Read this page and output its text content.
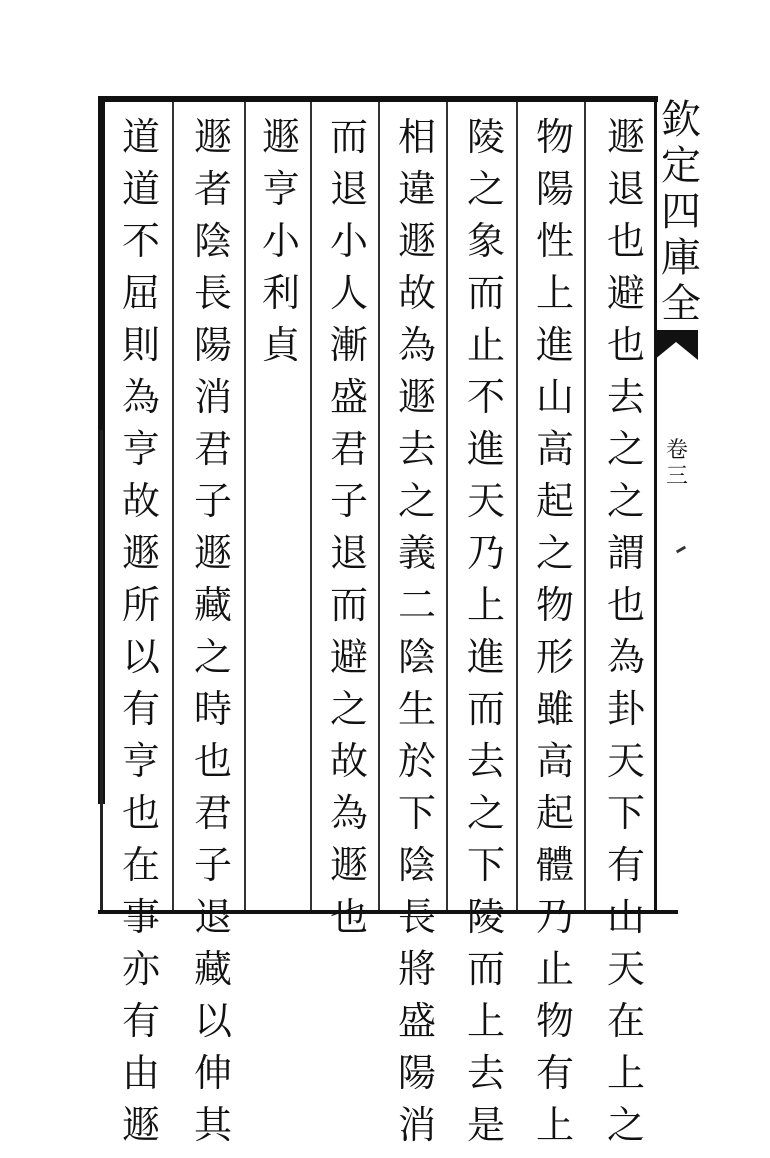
欽
定
四
庫
全
卷
三
遯
退
也
避
也
去
之
之
謂
也
為
卦
天
下
有
山
天
在
上
之
物
陽
性
上
進
山
高
起
之
物
形
雖
高
起
體
乃
止
物
有
上
陵
之
象
而
止
不
進
天
乃
上
進
而
去
之
下
陵
而
上
去
是
相
違
遯
故
為
遯
去
之
義
二
陰
生
於
下
陰
長
將
盛
陽
消
而
退
小
人
漸
盛
君
子
退
而
避
之
故
為
遯
也
遯
亨
小
利
貞
遯
者
陰
長
陽
消
君
子
遯
藏
之
時
也
君
子
退
藏
以
伸
其
道
道
不
屈
則
為
亨
故
遯
所
以
有
亨
也
在
事
亦
有
由
遯
